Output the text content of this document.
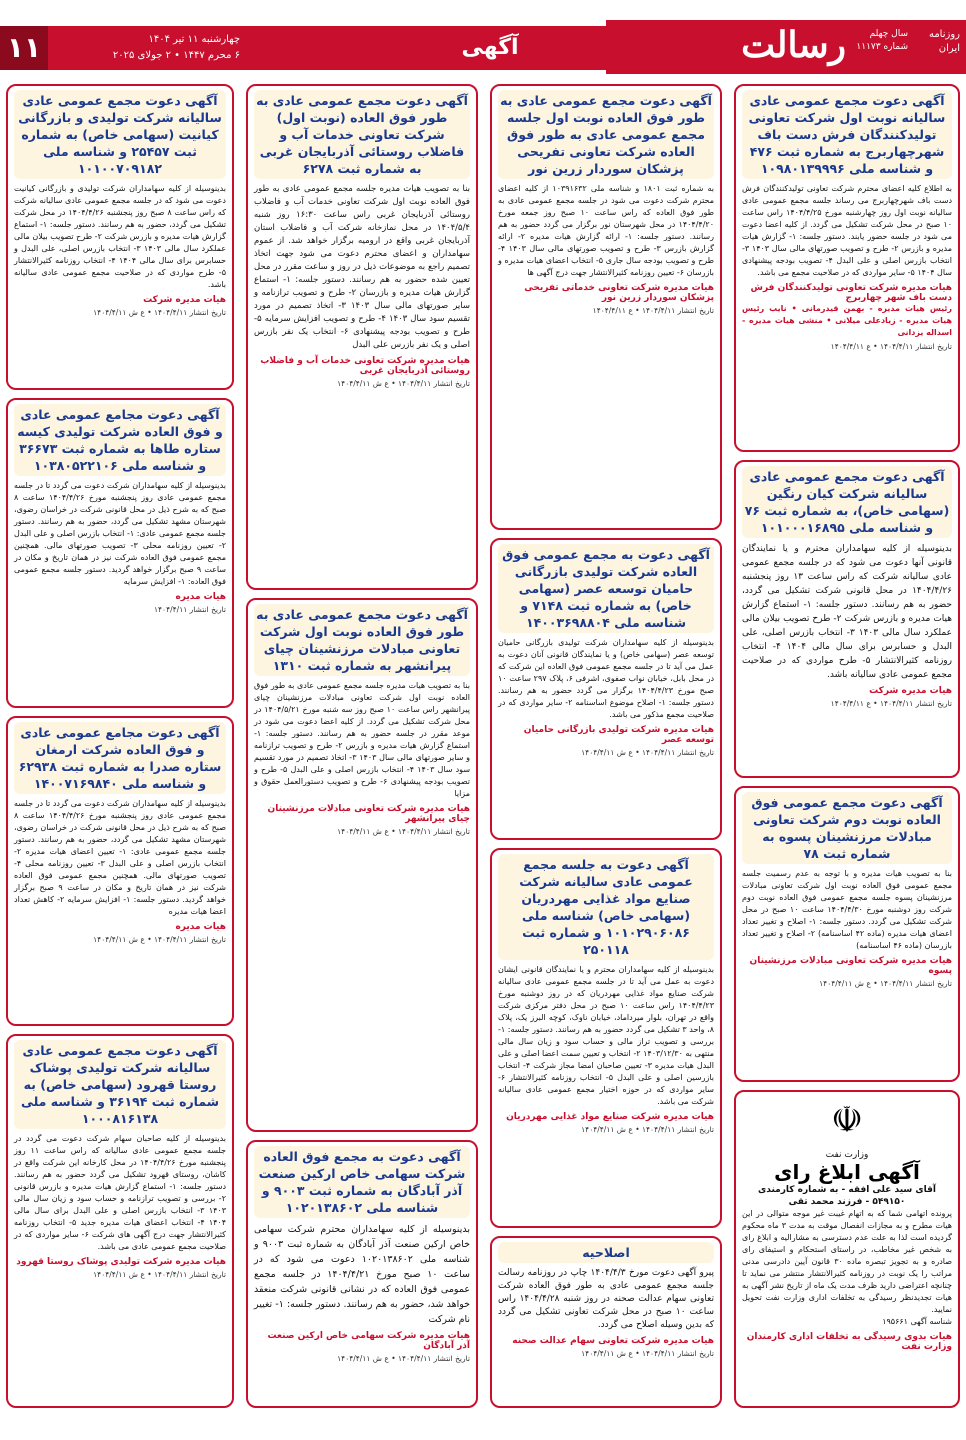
روزنامه
ایران
سال چهلم
شماره ۱۱۱۷۳
رسالت
آگهی
چهارشنبه ۱۱ تیر ۱۴۰۴
۶ محرم ۱۴۴۷ • ۲ جولای ۲۰۲۵
۱۱
آگهی دعوت مجمع عمومی عادی سالیانه نوبت اول شرکت تعاونی تولیدکنندگان فرش دست باف شهرچهاربرج به شماره ثبت ۴۷۶ و شناسه ملی ۱۰۹۸۰۱۳۹۹۹۶
به اطلاع کلیه اعضای محترم شرکت تعاونی تولیدکنندگان فرش دست باف شهرچهاربرج می رساند جلسه مجمع عمومی عادی سالیانه نوبت اول روز چهارشنبه مورخ ۱۴۰۴/۴/۲۵ راس ساعت ۱۰ صبح در محل شرکت تشکیل می گردد. از کلیه اعضا دعوت می شود در جلسه حضور یابند. دستور جلسه: ۱- گزارش هیات مدیره و بازرس ۲- طرح و تصویب صورتهای مالی سال ۱۴۰۳ ۳- انتخاب بازرس اصلی و علی البدل ۴- تصویب بودجه پیشنهادی سال ۱۴۰۴ ۵- سایر مواردی که در صلاحیت مجمع می باشد.
هیات مدیره شرکت تعاونی تولیدکنندگان فرش دست باف شهر چهاربرج
رئیس هیات مدیره - بهمن قیدرمانی • نایب رئیس هیات مدیره - زیادعلی میلانی • منشی هیات مدیره - اسداله یزدانی
تاریخ انتشار ۱۴۰۴/۴/۱۱ • ع ۱۴۰۴/۴/۱۱
آگهی دعوت مجمع عمومی عادی سالیانه شرکت کیان رنگین (سهامی خاص)، به شماره ثبت ۷۶ و شناسه ملی ۱۰۱۰۰۰۱۶۸۹۵
بدینوسیله از کلیه سهامداران محترم و یا نمایندگان قانونی آنها دعوت می شود که در جلسه مجمع عمومی عادی سالیانه شرکت که راس ساعت ۱۳ روز پنجشنبه ۱۴۰۴/۴/۲۶ در محل قانونی شرکت تشکیل می گردد، حضور به هم رسانند. دستور جلسه: ۱- استماع گزارش هیات مدیره و بازرس شرکت ۲- طرح تصویب بیلان مالی عملکرد سال مالی ۱۴۰۳ ۳- انتخاب بازرس اصلی، علی البدل و حسابرس برای سال مالی ۱۴۰۴ ۴- انتخاب روزنامه کثیرالانتشار ۵- طرح مواردی که در صلاحیت مجمع عمومی عادی سالیانه باشد.
هیات مدیره شرکت
تاریخ انتشار ۱۴۰۴/۴/۱۱ • ع ۱۴۰۴/۴/۱۱
آگهی دعوت مجمع عمومی فوق العاده نوبت دوم شرکت تعاونی مبادلات مرزنشینان پسوه به شماره ثبت ۷۸
بنا به تصویب هیات مدیره و با توجه به عدم رسمیت جلسه مجمع عمومی فوق العاده نوبت اول شرکت تعاونی مبادلات مرزنشینان پسوه جلسه مجمع عمومی فوق العاده نوبت دوم شرکت روز دوشنبه مورخ ۱۴۰۴/۴/۳۰ ساعت ۱۰ صبح در محل شرکت تشکیل می گردد. دستور جلسه: ۱- اصلاح و تغییر تعداد اعضای هیات مدیره (ماده ۴۲ اساسنامه) ۲- اصلاح و تغییر تعداد بازرسان (ماده ۴۶ اساسنامه)
هیات مدیره شرکت تعاونی مبادلات مرزنشینان پسوه
تاریخ انتشار ۱۴۰۴/۴/۱۱ • ع ش ۱۴۰۴/۴/۱۱
☫
وزارت نفت
آگهی ابلاغ رای
آقای سید علی افقه - به شماره کارمندی ۵۴۹۱۵۰ - فرزند محمد تقی
پرونده اتهامی شما که به اتهام غیبت غیر موجه متوالی در این هیات مطرح و به مجازات انفصال موقت به مدت ۳ ماه محکوم گردیده است لذا به علت عدم دسترسی به مشارالیه و ابلاغ رای به شخص غیر مخاطب، در راستای استحکام و استیفای رای صادره و به تجویز تبصره ماده ۳۰ قانون آیین دادرسی مدنی مراتب را یک نوبت در روزنامه کثیرالانتشار منتشر می نماید تا چنانچه اعتراضی دارید ظرف مدت یک ماه از تاریخ نشر آگهی به هیات تجدیدنظر رسیدگی به تخلفات اداری وزارت نفت تحویل نمایید.
شناسه آگهی ۱۹۵۶۶۱
هیات بدوی رسیدگی به تخلفات اداری کارمندان وزارت نفت
آگهی دعوت مجمع عمومی عادی به طور فوق العاده نوبت اول جلسه مجمع عمومی عادی به طور فوق العاده شرکت تعاونی تفریحی پزشکان سوردار زرین نور
به شماره ثبت ۱۸۰۱ و شناسه ملی ۱۰۳۹۱۶۳۲ از کلیه اعضای محترم شرکت دعوت می شود در جلسه مجمع عمومی عادی به طور فوق العاده که راس ساعت ۱۰ صبح روز جمعه مورخ ۱۴۰۴/۴/۲۰ در محل شهرستان نور برگزار می گردد حضور به هم رسانند. دستور جلسه: ۱- ارائه گزارش هیات مدیره ۲- ارائه گزارش بازرس ۳- طرح و تصویب صورتهای مالی سال ۱۴۰۳ ۴- طرح و تصویب بودجه سال جاری ۵- انتخاب اعضای هیات مدیره و بازرسان ۶- تعیین روزنامه کثیرالانتشار جهت درج آگهی ها
هیات مدیره شرکت تعاونی خدماتی تفریحی پزشکان سوردار زرین نور
تاریخ انتشار ۱۴۰۴/۴/۱۱ • ع ۱۴۰۴/۴/۱۱
آگهی دعوت به مجمع عمومی فوق العاده شرکت تولیدی بازرگانی حامیان توسعه عصر (سهامی خاص) به شماره ثبت ۷۱۴۸ و شناسه ملی ۱۴۰۰۳۶۹۸۸۰۴
بدینوسیله از کلیه سهامداران شرکت تولیدی بازرگانی حامیان توسعه عصر (سهامی خاص) و یا نمایندگان قانونی آنان دعوت به عمل می آید تا در جلسه مجمع عمومی فوق العاده این شرکت که در محل بابل، خیابان نواب صفوی، اشرفی ۶، پلاک ۲۹۷ ساعت ۱۰ صبح مورخ ۱۴۰۴/۴/۲۳ برگزار می گردد حضور به هم رسانند. دستور جلسه: ۱- اصلاح موضوع اساسنامه ۲- سایر مواردی که در صلاحیت مجمع مذکور می باشد.
هیات مدیره شرکت تولیدی بازرگانی حامیان توسعه عصر
تاریخ انتشار ۱۴۰۴/۴/۱۱ • ع ش ۱۴۰۴/۴/۱۱
آگهی دعوت به جلسه مجمع عمومی عادی سالیانه شرکت صنایع مواد غذایی مهردریان (سهامی خاص) شناسه ملی ۱۰۱۰۲۹۰۶۰۸۶ و شماره ثبت ۲۵۰۱۱۸
بدینوسیله از کلیه سهامداران محترم و یا نمایندگان قانونی ایشان دعوت به عمل می آید تا در جلسه مجمع عمومی عادی سالیانه شرکت صنایع مواد غذایی مهردریان که در روز دوشنبه مورخ ۱۴۰۴/۴/۲۳ راس ساعت ۱۰ صبح در محل دفتر مرکزی شرکت واقع در تهران، بلوار میرداماد، خیابان ناوک، کوچه البرز یک، پلاک ۸، واحد ۳ تشکیل می گردد حضور به هم رسانند. دستور جلسه: ۱- بررسی و تصویب تراز مالی و حساب سود و زیان سال مالی منتهی به ۱۴۰۳/۱۲/۳۰ ۲- انتخاب و تعیین سمت اعضا اصلی و علی البدل هیات مدیره ۳- تعیین صاحبان امضا مجاز شرکت ۴- انتخاب بازرسین اصلی و علی البدل ۵- انتخاب روزنامه کثیرالانتشار ۶- سایر مواردی که در حوزه اختیار مجمع عمومی عادی سالیانه شرکت می باشد.
هیات مدیره شرکت صنایع مواد غذایی مهردریان
تاریخ انتشار ۱۴۰۴/۴/۱۱ • ع ش ۱۴۰۴/۴/۱۱
اصلاحیه
پیرو آگهی دعوت مورخ ۱۴۰۴/۴/۳ چاپ در روزنامه رسالت جلسه مجمع عمومی عادی به طور فوق العاده شرکت تعاونی سهام عدالت صحنه در روز شنبه ۱۴۰۴/۴/۲۸ راس ساعت ۱۰ صبح در محل شرکت تعاونی تشکیل می گردد که بدین وسیله اصلاح می گردد.
هیات مدیره شرکت تعاونی سهام عدالت صحنه
تاریخ انتشار ۱۴۰۴/۴/۱۱ • ع ش ۱۴۰۴/۴/۱۱
آگهی دعوت مجمع عمومی عادی به طور فوق العاده (نوبت اول) شرکت تعاونی خدمات آب و فاضلاب روستائی آذربایجان غربی به شماره ثبت ۶۲۷۸
بنا به تصویب هیات مدیره جلسه مجمع عمومی عادی به طور فوق العاده نوبت اول شرکت تعاونی خدمات آب و فاضلاب روستائی آذربایجان غربی راس ساعت ۱۶:۳۰ روز شنبه ۱۴۰۴/۵/۴ در محل نمازخانه شرکت آب و فاضلاب استان آذربایجان غربی واقع در ارومیه برگزار خواهد شد. از عموم سهامداران و اعضای محترم دعوت می شود جهت اتخاذ تصمیم راجع به موضوعات ذیل در روز و ساعت مقرر در محل تعیین شده حضور به هم رسانند. دستور جلسه: ۱- استماع گزارش هیات مدیره و بازرسان ۲- طرح و تصویب ترازنامه و سایر صورتهای مالی سال ۱۴۰۳ ۳- اتخاذ تصمیم در مورد تقسیم سود سال ۱۴۰۳ ۴- طرح و تصویب افزایش سرمایه ۵- طرح و تصویب بودجه پیشنهادی ۶- انتخاب یک نفر بازرس اصلی و یک نفر بازرس علی البدل
هیات مدیره شرکت تعاونی خدمات آب و فاضلاب روستائی آذربایجان غربی
تاریخ انتشار ۱۴۰۴/۴/۱۱ • ع ش ۱۴۰۴/۴/۱۱
آگهی دعوت مجمع عمومی عادی به طور فوق العاده نوبت اول شرکت تعاونی مبادلات مرزنشینان چیای پیرانشهر به شماره ثبت ۱۳۱۰
بنا به تصویب هیات مدیره جلسه مجمع عمومی عادی به طور فوق العاده نوبت اول شرکت تعاونی مبادلات مرزنشینان چیای پیرانشهر راس ساعت ۱۰ صبح روز سه شنبه مورخ ۱۴۰۴/۵/۲۱ در محل شرکت تشکیل می گردد. از کلیه اعضا دعوت می شود در موعد مقرر در جلسه حضور به هم رسانند. دستور جلسه: ۱- استماع گزارش هیات مدیره و بازرس ۲- طرح و تصویب ترازنامه و سایر صورتهای مالی سال ۱۴۰۳ ۳- اتخاذ تصمیم در مورد تقسیم سود سال ۱۴۰۳ ۴- انتخاب بازرس اصلی و علی البدل ۵- طرح و تصویب بودجه پیشنهادی ۶- طرح و تصویب دستورالعمل حقوق و مزایا
هیات مدیره شرکت تعاونی مبادلات مرزنشینان چیای پیرانشهر
تاریخ انتشار ۱۴۰۴/۴/۱۱ • ع ش ۱۴۰۴/۴/۱۱
آگهی دعوت به مجمع فوق العاده شرکت سهامی خاص ارکین صنعت آذر آبادگان به شماره ثبت ۹۰۰۳ و شناسه ملی ۱۰۲۰۱۳۸۶۰۲
بدینوسیله از کلیه سهامداران محترم شرکت سهامی خاص ارکین صنعت آذر آبادگان به شماره ثبت ۹۰۰۳ و شناسه ملی ۱۰۲۰۱۳۸۶۰۲ دعوت می شود که در ساعت ۱۰ صبح مورخ ۱۴۰۴/۴/۲۱ در جلسه مجمع عمومی فوق العاده که در نشانی قانونی شرکت منعقد خواهد شد، حضور به هم رسانند. دستور جلسه: ۱- تغییر نام شرکت
هیات مدیره شرکت سهامی خاص ارکین صنعت آذر آبادگان
تاریخ انتشار ۱۴۰۴/۴/۱۱ • ع ش ۱۴۰۴/۴/۱۱
آگهی دعوت مجمع عمومی عادی سالیانه شرکت تولیدی و بازرگانی کیانیت (سهامی خاص) به شماره ثبت ۲۵۴۵۷ و شناسه ملی ۱۰۱۰۰۷۰۹۱۸۲
بدینوسیله از کلیه سهامداران شرکت تولیدی و بازرگانی کیانیت دعوت می شود که در جلسه مجمع عمومی عادی سالیانه شرکت که راس ساعت ۸ صبح روز پنجشنبه ۱۴۰۴/۴/۲۶ در محل شرکت تشکیل می گردد، حضور به هم رسانند. دستور جلسه: ۱- استماع گزارش هیات مدیره و بازرس شرکت ۲- طرح تصویب بیلان مالی عملکرد سال مالی ۱۴۰۳ ۳- انتخاب بازرس اصلی، علی البدل و حسابرس برای سال مالی ۱۴۰۴ ۴- انتخاب روزنامه کثیرالانتشار ۵- طرح مواردی که در صلاحیت مجمع عمومی عادی سالیانه باشد.
هیات مدیره شرکت
تاریخ انتشار ۱۴۰۴/۴/۱۱ • ع ش ۱۴۰۴/۴/۱۱
آگهی دعوت مجامع عمومی عادی و فوق العاده شرکت تولیدی کیسه ستاره طاها به شماره ثبت ۳۶۶۷۳ و شناسه ملی ۱۰۳۸۰۵۲۲۱۰۶
بدینوسیله از کلیه سهامداران شرکت دعوت می گردد تا در جلسه مجمع عمومی عادی روز پنجشنبه مورخ ۱۴۰۴/۴/۲۶ ساعت ۸ صبح که به شرح ذیل در محل قانونی شرکت در خراسان رضوی، شهرستان مشهد تشکیل می گردد، حضور به هم رسانند. دستور جلسه مجمع عمومی عادی: ۱- انتخاب بازرس اصلی و علی البدل ۲- تعیین روزنامه محلی ۳- تصویب صورتهای مالی. همچنین مجمع عمومی فوق العاده شرکت نیز در همان تاریخ و مکان در ساعت ۹ صبح برگزار خواهد گردید. دستور جلسه مجمع عمومی فوق العاده: ۱- افزایش سرمایه
هیات مدیره
تاریخ انتشار ۱۴۰۴/۴/۱۱
آگهی دعوت مجامع عمومی عادی و فوق العاده شرکت ارمغان ستاره صدرا به شماره ثبت ۶۲۹۳۸ و شناسه ملی ۱۴۰۰۷۱۶۹۸۴۰
بدینوسیله از کلیه سهامداران شرکت دعوت می گردد تا در جلسه مجمع عمومی عادی روز پنجشنبه مورخ ۱۴۰۴/۴/۲۶ ساعت ۸ صبح که به شرح ذیل در محل قانونی شرکت در خراسان رضوی، شهرستان مشهد تشکیل می گردد، حضور به هم رسانند. دستور جلسه مجمع عمومی عادی: ۱- تعیین اعضای هیات مدیره ۲- انتخاب بازرس اصلی و علی البدل ۳- تعیین روزنامه محلی ۴- تصویب صورتهای مالی. همچنین مجمع عمومی فوق العاده شرکت نیز در همان تاریخ و مکان در ساعت ۹ صبح برگزار خواهد گردید. دستور جلسه: ۱- افزایش سرمایه ۲- کاهش تعداد اعضا هیات مدیره
هیات مدیره
تاریخ انتشار ۱۴۰۴/۴/۱۱ • ع ش ۱۴۰۴/۴/۱۱
آگهی دعوت مجمع عمومی عادی سالیانه شرکت تولیدی پوشاک روستا قهرود (سهامی خاص) به شماره ثبت ۳۶۱۹۴ و شناسه ملی ۱۰۰۰۸۱۶۱۳۸
بدینوسیله از کلیه صاحبان سهام شرکت دعوت می گردد در جلسه مجمع عمومی عادی سالیانه که راس ساعت ۱۱ روز پنجشنبه مورخ ۱۴۰۴/۴/۲۶ در محل کارخانه این شرکت واقع در کاشان، روستای قهرود تشکیل می گردد حضور به هم رسانند. دستور جلسه: ۱- استماع گزارش هیات مدیره و بازرس قانونی ۲- بررسی و تصویب ترازنامه و حساب سود و زیان سال مالی ۱۴۰۳ ۳- انتخاب بازرس اصلی و علی البدل برای سال مالی ۱۴۰۴ ۴- انتخاب اعضای هیات مدیره جدید ۵- انتخاب روزنامه کثیرالانتشار جهت درج آگهی های شرکت ۶- سایر مواردی که در صلاحیت مجمع عمومی عادی می باشد.
هیات مدیره شرکت تولیدی پوشاک روستا قهرود
تاریخ انتشار ۱۴۰۴/۴/۱۱ • ع ش ۱۴۰۴/۴/۱۱
